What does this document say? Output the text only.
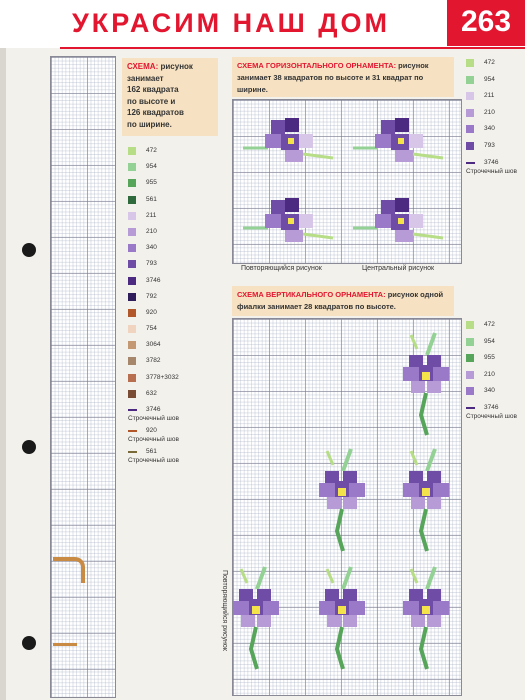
УКРАСИМ НАШ ДОМ	263
СХЕМА: рисунок
занимает
162 квадрата
по высоте и
126 квадратов
по ширине.
472
954
955
561
211
210
340
793
3746
792
920
754
3064
3782
3778+3032
632
3746
Строчечный шов
920
Строчечный шов
561
Строчечный шов
СХЕМА ГОРИЗОНТАЛЬНОГО ОРНАМЕНТА: рисунок занимает 38 квадратов по высоте и 31 квадрат по ширине.
Повторяющийся рисунок	Центральный рисунок
472
954
211
210
340
793
3746
Строчечный шов
СХЕМА ВЕРТИКАЛЬНОГО ОРНАМЕНТА: рисунок одной фиалки занимает 28 квадратов по высоте.
Повторяющийся рисунок
472
954
955
210
340
3746
Строчечный шов
